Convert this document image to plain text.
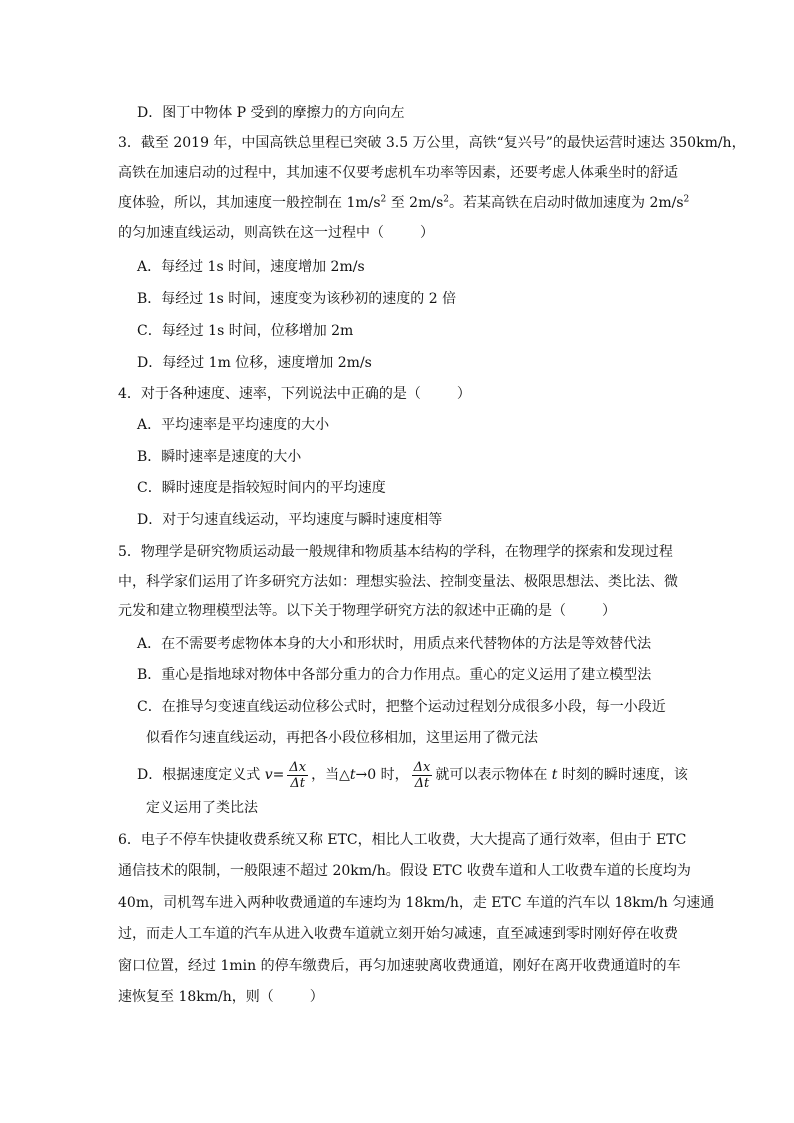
D．图丁中物体 P 受到的摩擦力的方向向左
3．截至 2019 年，中国高铁总里程已突破 3.5 万公里，高铁“复兴号”的最快运营时速达 350km/h，
高铁在加速启动的过程中，其加速不仅要考虑机车功率等因素，还要考虑人体乘坐时的舒适
度体验，所以，其加速度一般控制在 $1m/s^2$ 至 $2m/s^2$。若某高铁在启动时做加速度为 $2m/s^2$
的匀加速直线运动，则高铁在这一过程中（	）
A．每经过 1s 时间，速度增加 2m/s
B．每经过 1s 时间，速度变为该秒初的速度的 2 倍
C．每经过 1s 时间，位移增加 2m
D．每经过 1m 位移，速度增加 2m/s
4．对于各种速度、速率，下列说法中正确的是（	）
A．平均速率是平均速度的大小
B．瞬时速率是速度的大小
C．瞬时速度是指较短时间内的平均速度
D．对于匀速直线运动，平均速度与瞬时速度相等
5．物理学是研究物质运动最一般规律和物质基本结构的学科，在物理学的探索和发现过程
中，科学家们运用了许多研究方法如：理想实验法、控制变量法、极限思想法、类比法、微
元发和建立物理模型法等。以下关于物理学研究方法的叙述中正确的是（	）
A．在不需要考虑物体本身的大小和形状时，用质点来代替物体的方法是等效替代法
B．重心是指地球对物体中各部分重力的合力作用点。重心的定义运用了建立模型法
C．在推导匀变速直线运动位移公式时，把整个运动过程划分成很多小段，每一小段近
似看作匀速直线运动，再把各小段位移相加，这里运用了微元法
D．根据速度定义式 $v= \frac{\Delta x}{\Delta t}$ ，当△t→0 时， $\frac{\Delta x}{\Delta t}$ 就可以表示物体在 t 时刻的瞬时速度，该
定义运用了类比法
6．电子不停车快捷收费系统又称 ETC，相比人工收费，大大提高了通行效率，但由于 ETC
通信技术的限制，一般限速不超过 20km/h。假设 ETC 收费车道和人工收费车道的长度均为
40m，司机驾车进入两种收费通道的车速均为 18km/h，走 ETC 车道的汽车以 18km/h 匀速通
过，而走人工车道的汽车从进入收费车道就立刻开始匀减速，直至减速到零时刚好停在收费
窗口位置，经过 1min 的停车缴费后，再匀加速驶离收费通道，刚好在离开收费通道时的车
速恢复至 18km/h，则（	）
